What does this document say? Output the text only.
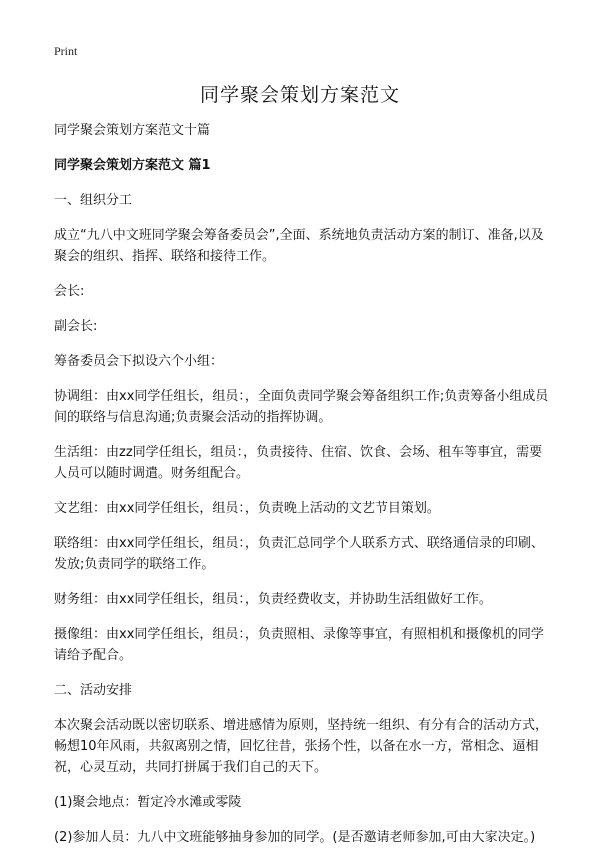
Print
同学聚会策划方案范文

同学聚会策划方案范文十篇

同学聚会策划方案范文 篇1

一、组织分工

成立“九八中文班同学聚会筹备委员会”,全面、系统地负责活动方案的制订、准备,以及聚会的组织、指挥、联络和接待工作。

会长:

副会长:

筹备委员会下拟设六个小组：

协调组：由xx同学任组长，组员：，全面负责同学聚会筹备组织工作;负责筹备小组成员间的联络与信息沟通;负责聚会活动的指挥协调。

生活组：由zz同学任组长，组员：，负责接待、住宿、饮食、会场、租车等事宜，需要人员可以随时调遣。财务组配合。

文艺组：由xx同学任组长，组员：，负责晚上活动的文艺节目策划。

联络组：由xx同学任组长，组员：，负责汇总同学个人联系方式、联络通信录的印刷、发放;负责同学的联络工作。

财务组：由xx同学任组长，组员：，负责经费收支，并协助生活组做好工作。

摄像组：由xx同学任组长，组员：，负责照相、录像等事宜，有照相机和摄像机的同学请给予配合。

二、活动安排

本次聚会活动既以密切联系、增进感情为原则，坚持统一组织、有分有合的活动方式，畅想10年风雨，共叙离别之情，回忆往昔，张扬个性，以备在水一方，常相念、逼相祝，心灵互动，共同打拼属于我们自己的天下。

(1)聚会地点：暂定冷水滩或零陵

(2)参加人员：九八中文班能够抽身参加的同学。(是否邀请老师参加,可由大家决定。)
